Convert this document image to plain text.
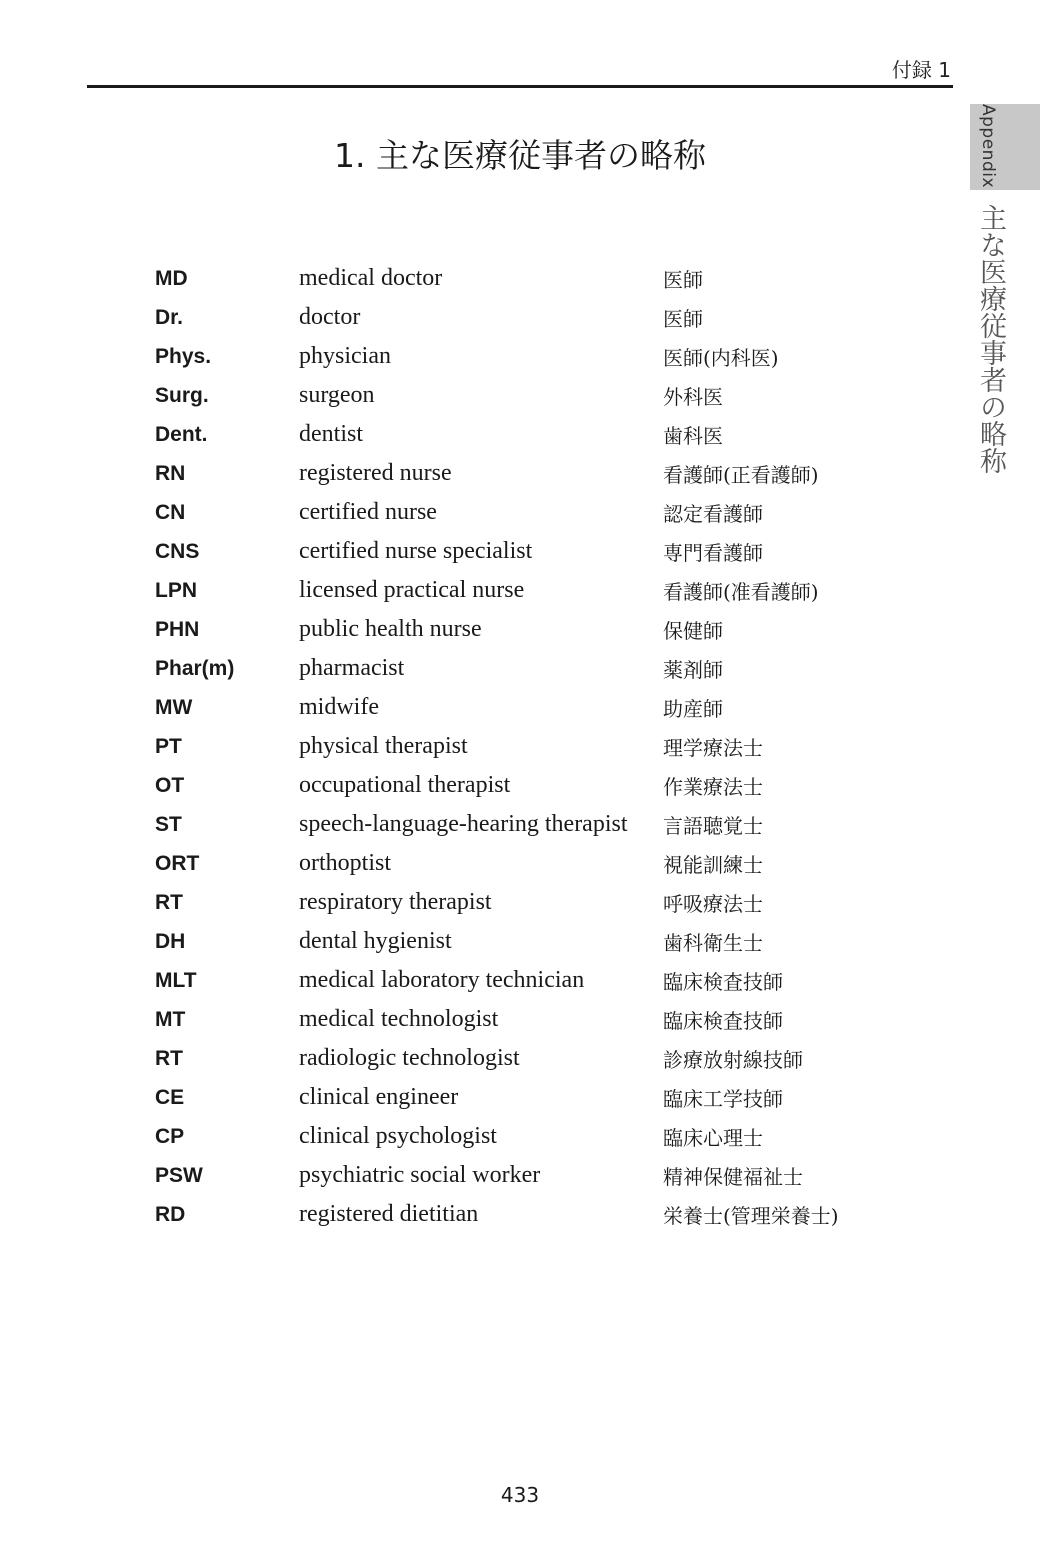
付録 1
Appendix
主な医療従事者の略称
1. 主な医療従事者の略称
MD	medical doctor	医師
Dr.	doctor	医師
Phys.	physician	医師(内科医)
Surg.	surgeon	外科医
Dent.	dentist	歯科医
RN	registered nurse	看護師(正看護師)
CN	certified nurse	認定看護師
CNS	certified nurse specialist	専門看護師
LPN	licensed practical nurse	看護師(准看護師)
PHN	public health nurse	保健師
Phar(m)	pharmacist	薬剤師
MW	midwife	助産師
PT	physical therapist	理学療法士
OT	occupational therapist	作業療法士
ST	speech-language-hearing therapist	言語聴覚士
ORT	orthoptist	視能訓練士
RT	respiratory therapist	呼吸療法士
DH	dental hygienist	歯科衛生士
MLT	medical laboratory technician	臨床検査技師
MT	medical technologist	臨床検査技師
RT	radiologic technologist	診療放射線技師
CE	clinical engineer	臨床工学技師
CP	clinical psychologist	臨床心理士
PSW	psychiatric social worker	精神保健福祉士
RD	registered dietitian	栄養士(管理栄養士)
433
